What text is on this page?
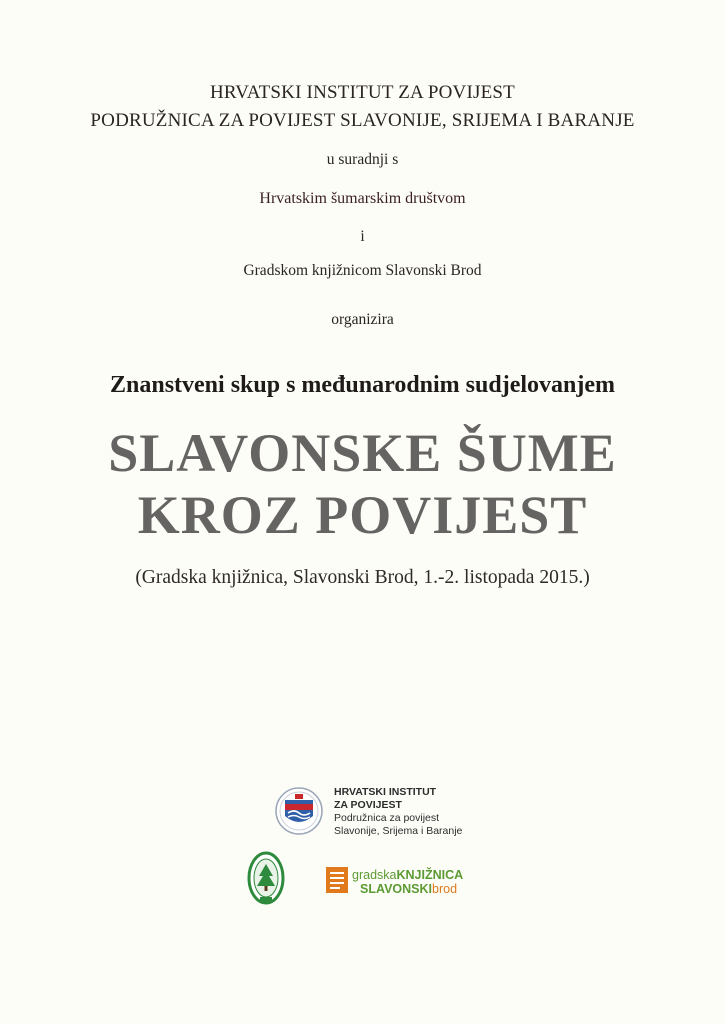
HRVATSKI INSTITUT ZA POVIJEST
PODRUŽNICA ZA POVIJEST SLAVONIJE, SRIJEMA I BARANJE
u suradnji s
Hrvatskim šumarskim društvom
i
Gradskom knjižnicom Slavonski Brod
organizira
Znanstveni skup s međunarodnim sudjelovanjem
SLAVONSKE ŠUME
KROZ POVIJEST
(Gradska knjižnica, Slavonski Brod, 1.-2. listopada 2015.)
HRVATSKI INSTITUT
ZA POVIJEST
Podružnica za povijest
Slavonije, Srijema i Baranje
gradskaKNJIŽNICA
SLAVONSKIbrod
